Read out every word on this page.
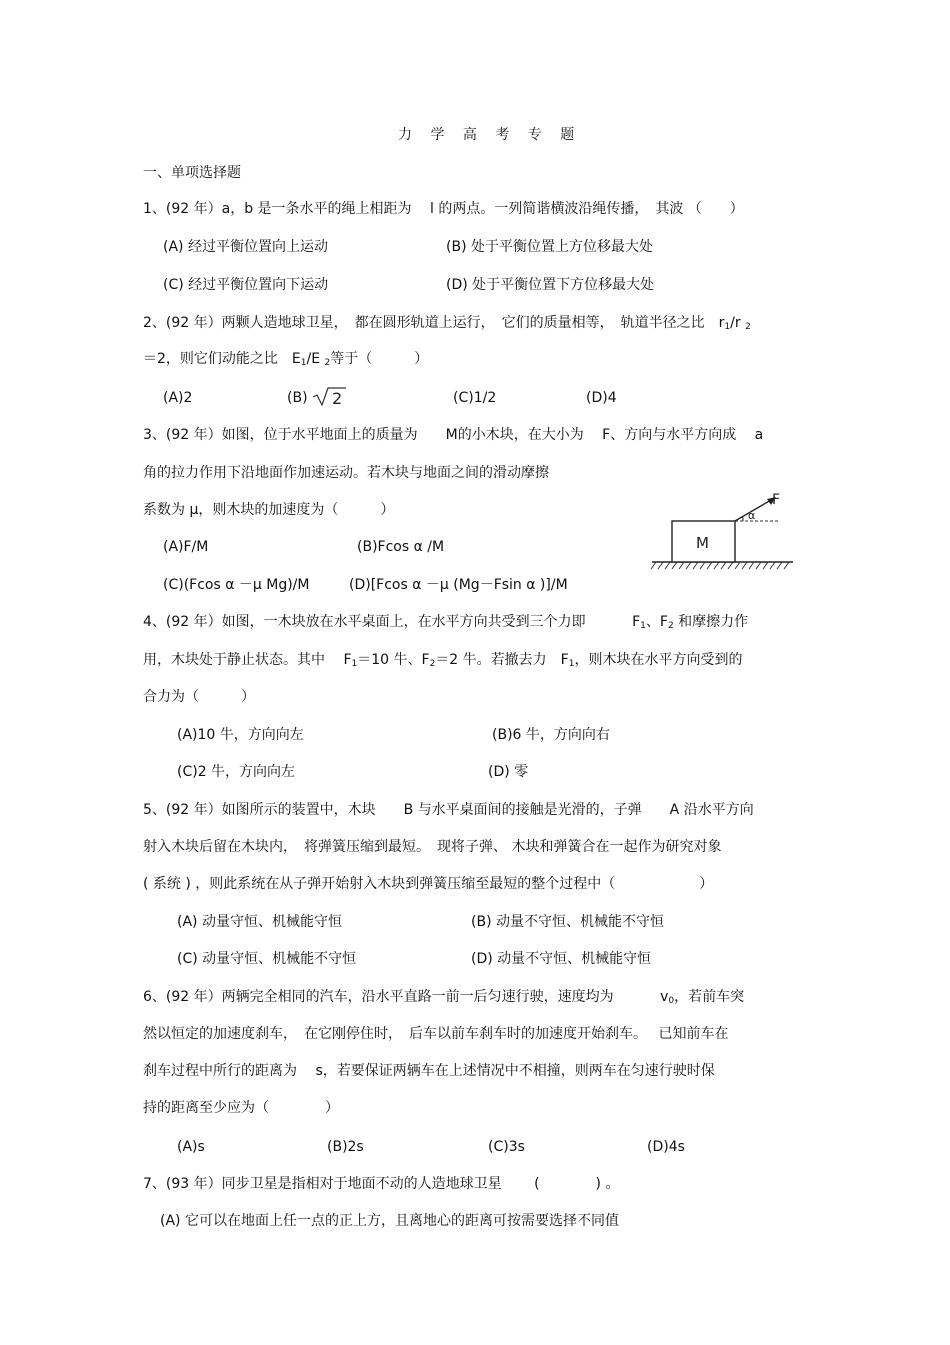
力 学 高 考 专 题
一、单项选择题
1、(92 年）a，b 是一条水平的绳上相距为　 l 的两点。一列简谐横波沿绳传播，　其波 （　　）
(A) 经过平衡位置向上运动	(B) 处于平衡位置上方位移最大处
(C) 经过平衡位置向下运动	(D) 处于平衡位置下方位移最大处
2、(92 年）两颗人造地球卫星，　都在圆形轨道上运行，　它们的质量相等，　轨道半径之比　$r_1/r$ $_2$
＝2，则它们动能之比　$E_1/E$ $_2$等于（　　　）
(A)2	(B) 2	(C)1/2	(D)4
3、(92 年）如图，位于水平地面上的质量为　　M的小木块，在大小为　 F、方向与水平方向成　 a
角的拉力作用下沿地面作加速运动。若木块与地面之间的滑动摩擦
系数为 μ，则木块的加速度为（　　　）
(A)F/M	(B)Fcos α /M
(C)(Fcos α －μ Mg)/M	(D)[Fcos α －μ (Mg－Fsin α )]/M
M
F
α
4、(92 年）如图，一木块放在水平桌面上，在水平方向共受到三个力即　　　 $F_1$、$F_2$ 和摩擦力作
用，木块处于静止状态。其中　 $F_1=10$ 牛、$F_2=2$ 牛。若撤去力　$F_1$，则木块在水平方向受到的
合力为（　　　）
(A)10 牛，方向向左	(B)6 牛，方向向右
(C)2 牛，方向向左	(D) 零
5、(92 年）如图所示的装置中，木块　　B 与水平桌面间的接触是光滑的，子弹　　A 沿水平方向
射入木块后留在木块内，　将弹簧压缩到最短。　现将子弹、 木块和弹簧合在一起作为研究对象
( 系统 ) ，则此系统在从子弹开始射入木块到弹簧压缩至最短的整个过程中（　　　　　　）
(A) 动量守恒、机械能守恒	(B) 动量不守恒、机械能不守恒
(C) 动量守恒、机械能不守恒	(D) 动量不守恒、机械能守恒
6、(92 年）两辆完全相同的汽车，沿水平直路一前一后匀速行驶，速度均为　　　 $v_0$，若前车突
然以恒定的加速度刹车，　在它刚停住时，　后车以前车刹车时的加速度开始刹车。　 已知前车在
刹车过程中所行的距离为　 s，若要保证两辆车在上述情况中不相撞，则两车在匀速行驶时保
持的距离至少应为（　　　　）
(A)s	(B)2s	(C)3s	(D)4s
7、(93 年）同步卫星是指相对于地面不动的人造地球卫星　　 (　　　　) 。
(A) 它可以在地面上任一点的正上方，且离地心的距离可按需要选择不同值
